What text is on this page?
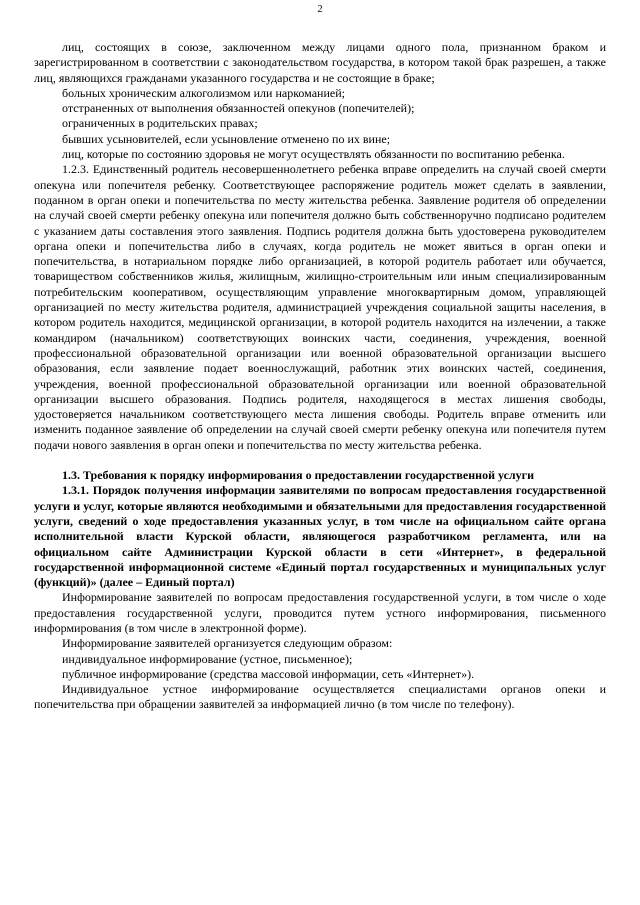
2

лиц, состоящих в союзе, заключенном между лицами одного пола, признанном браком и зарегистрированном в соответствии с законодательством государства, в котором такой брак разрешен, а также лиц, являющихся гражданами указанного государства и не состоящие в браке;

больных хроническим алкоголизмом или наркоманией;

отстраненных от выполнения обязанностей опекунов (попечителей);

ограниченных в родительских правах;

бывших усыновителей, если усыновление отменено по их вине;

лиц, которые по состоянию здоровья не могут осуществлять обязанности по воспитанию ребенка.

1.2.3. Единственный родитель несовершеннолетнего ребенка вправе определить на случай своей смерти опекуна или попечителя ребенку. Соответствующее распоряжение родитель может сделать в заявлении, поданном в орган опеки и попечительства по месту жительства ребенка. Заявление родителя об определении на случай своей смерти ребенку опекуна или попечителя должно быть собственноручно подписано родителем с указанием даты составления этого заявления. Подпись родителя должна быть удостоверена руководителем органа опеки и попечительства либо в случаях, когда родитель не может явиться в орган опеки и попечительства, в нотариальном порядке либо организацией, в которой родитель работает или обучается, товариществом собственников жилья, жилищным, жилищно-строительным или иным специализированным потребительским кооперативом, осуществляющим управление многоквартирным домом, управляющей организацией по месту жительства родителя, администрацией учреждения социальной защиты населения, в котором родитель находится, медицинской организации, в которой родитель находится на излечении, а также командиром (начальником) соответствующих воинских части, соединения, учреждения, военной профессиональной образовательной организации или военной образовательной организации высшего образования, если заявление подает военнослужащий, работник этих воинских частей, соединения, учреждения, военной профессиональной образовательной организации или военной образовательной организации высшего образования. Подпись родителя, находящегося в местах лишения свободы, удостоверяется начальником соответствующего места лишения свободы. Родитель вправе отменить или изменить поданное заявление об определении на случай своей смерти ребенку опекуна или попечителя путем подачи нового заявления в орган опеки и попечительства по месту жительства ребенка.

1.3. Требования к порядку информирования о предоставлении государственной услуги

1.3.1. Порядок получения информации заявителями по вопросам предоставления государственной услуги и услуг, которые являются необходимыми и обязательными для предоставления государственной услуги, сведений о ходе предоставления указанных услуг, в том числе на официальном сайте органа исполнительной власти Курской области, являющегося разработчиком регламента, или на официальном сайте Администрации Курской области в сети «Интернет», в федеральной государственной информационной системе «Единый портал государственных и муниципальных услуг (функций)» (далее – Единый портал)

Информирование заявителей по вопросам предоставления государственной услуги, в том числе о ходе предоставления государственной услуги, проводится путем устного информирования, письменного информирования (в том числе в электронной форме).

Информирование заявителей организуется следующим образом:

индивидуальное информирование (устное, письменное);

публичное информирование (средства массовой информации, сеть «Интернет»).

Индивидуальное устное информирование осуществляется специалистами органов опеки и попечительства при обращении заявителей за информацией лично (в том числе по телефону).
